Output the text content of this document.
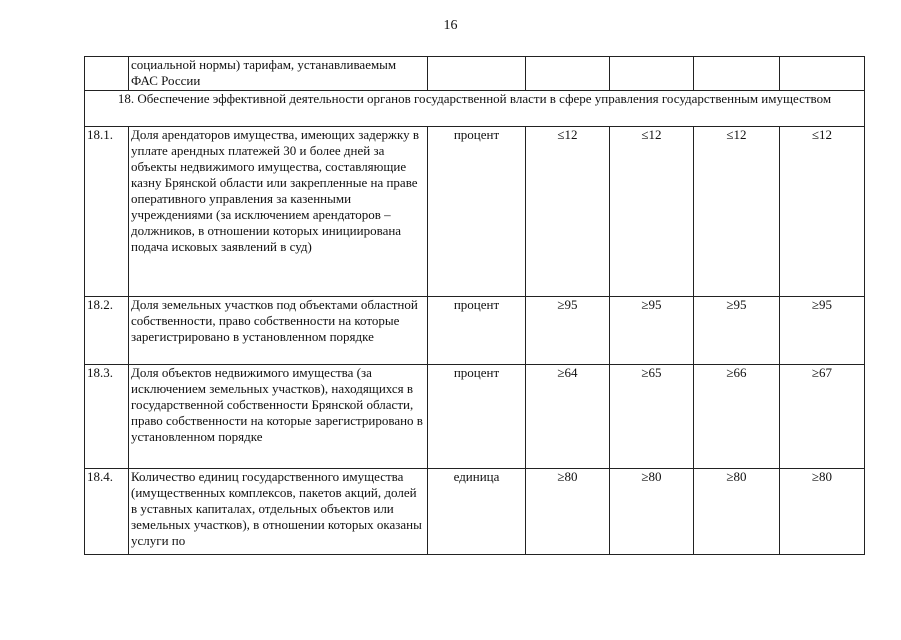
16
	социальной нормы) тарифам, устанавливаемым ФАС России					
18. Обеспечение эффективной деятельности органов государственной власти в сфере управления государственным имуществом						
18.1.	Доля арендаторов имущества, имеющих задержку в уплате арендных платежей 30 и более дней за объекты недвижимого имущества, составляющие казну Брянской области или закрепленные на праве оперативного управления за казенными учреждениями (за исключением арендаторов – должников, в отношении которых инициирована подача исковых заявлений в суд)	процент	≤12	≤12	≤12	≤12
18.2.	Доля земельных участков под объектами областной собственности, право собственности на которые зарегистрировано в установленном порядке	процент	≥95	≥95	≥95	≥95
18.3.	Доля объектов недвижимого имущества (за исключением земельных участков), находящихся в государственной собственности Брянской области, право собственности на которые зарегистрировано в установленном порядке	процент	≥64	≥65	≥66	≥67
18.4.	Количество единиц государственного имущества (имущественных комплексов, пакетов акций, долей в уставных капиталах, отдельных объектов или земельных участков), в отношении которых оказаны услуги по	единица	≥80	≥80	≥80	≥80
